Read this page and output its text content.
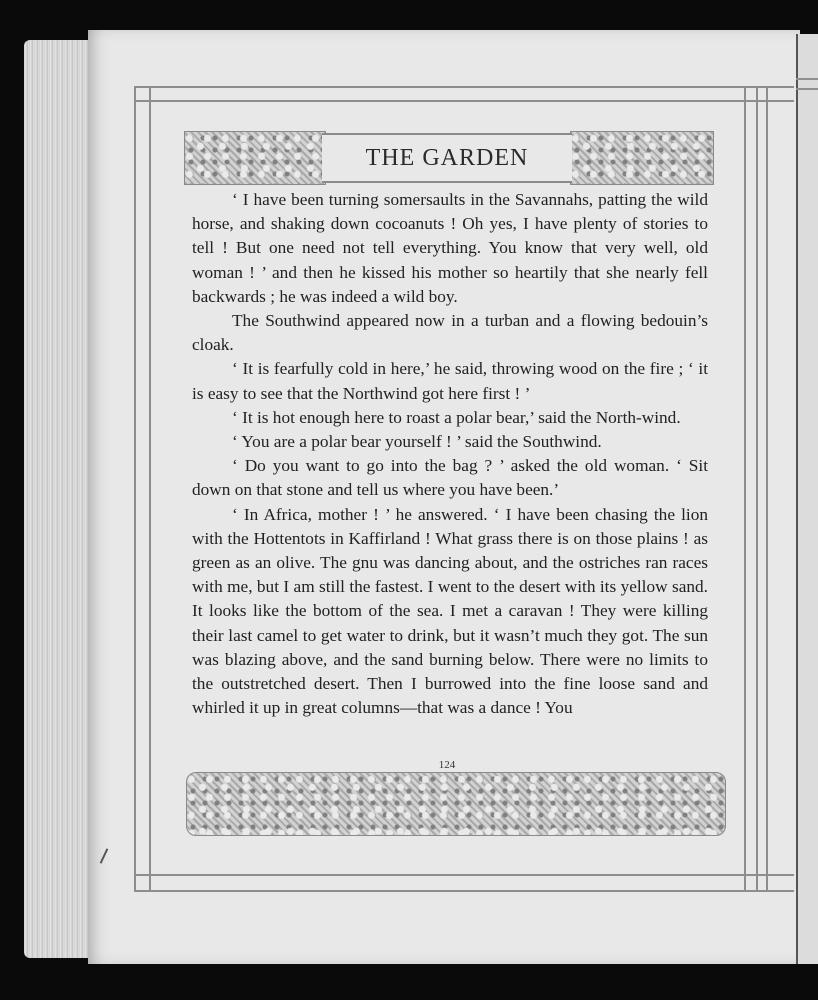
THE GARDEN

‘ I have been turning somersaults in the Savannahs, patting the wild horse, and shaking down cocoanuts ! Oh yes, I have plenty of stories to tell ! But one need not tell everything. You know that very well, old woman ! ’ and then he kissed his mother so heartily that she nearly fell backwards ; he was indeed a wild boy.

The Southwind appeared now in a turban and a flowing bedouin’s cloak.

‘ It is fearfully cold in here,’ he said, throwing wood on the fire ; ‘ it is easy to see that the Northwind got here first ! ’

‘ It is hot enough here to roast a polar bear,’ said the North-wind.

‘ You are a polar bear yourself ! ’ said the Southwind.

‘ Do you want to go into the bag ? ’ asked the old woman. ‘ Sit down on that stone and tell us where you have been.’

‘ In Africa, mother ! ’ he answered. ‘ I have been chasing the lion with the Hottentots in Kaffirland ! What grass there is on those plains ! as green as an olive. The gnu was dancing about, and the ostriches ran races with me, but I am still the fastest. I went to the desert with its yellow sand. It looks like the bottom of the sea. I met a caravan ! They were killing their last camel to get water to drink, but it wasn’t much they got. The sun was blazing above, and the sand burning below. There were no limits to the outstretched desert. Then I burrowed into the fine loose sand and whirled it up in great columns—that was a dance ! You

124
